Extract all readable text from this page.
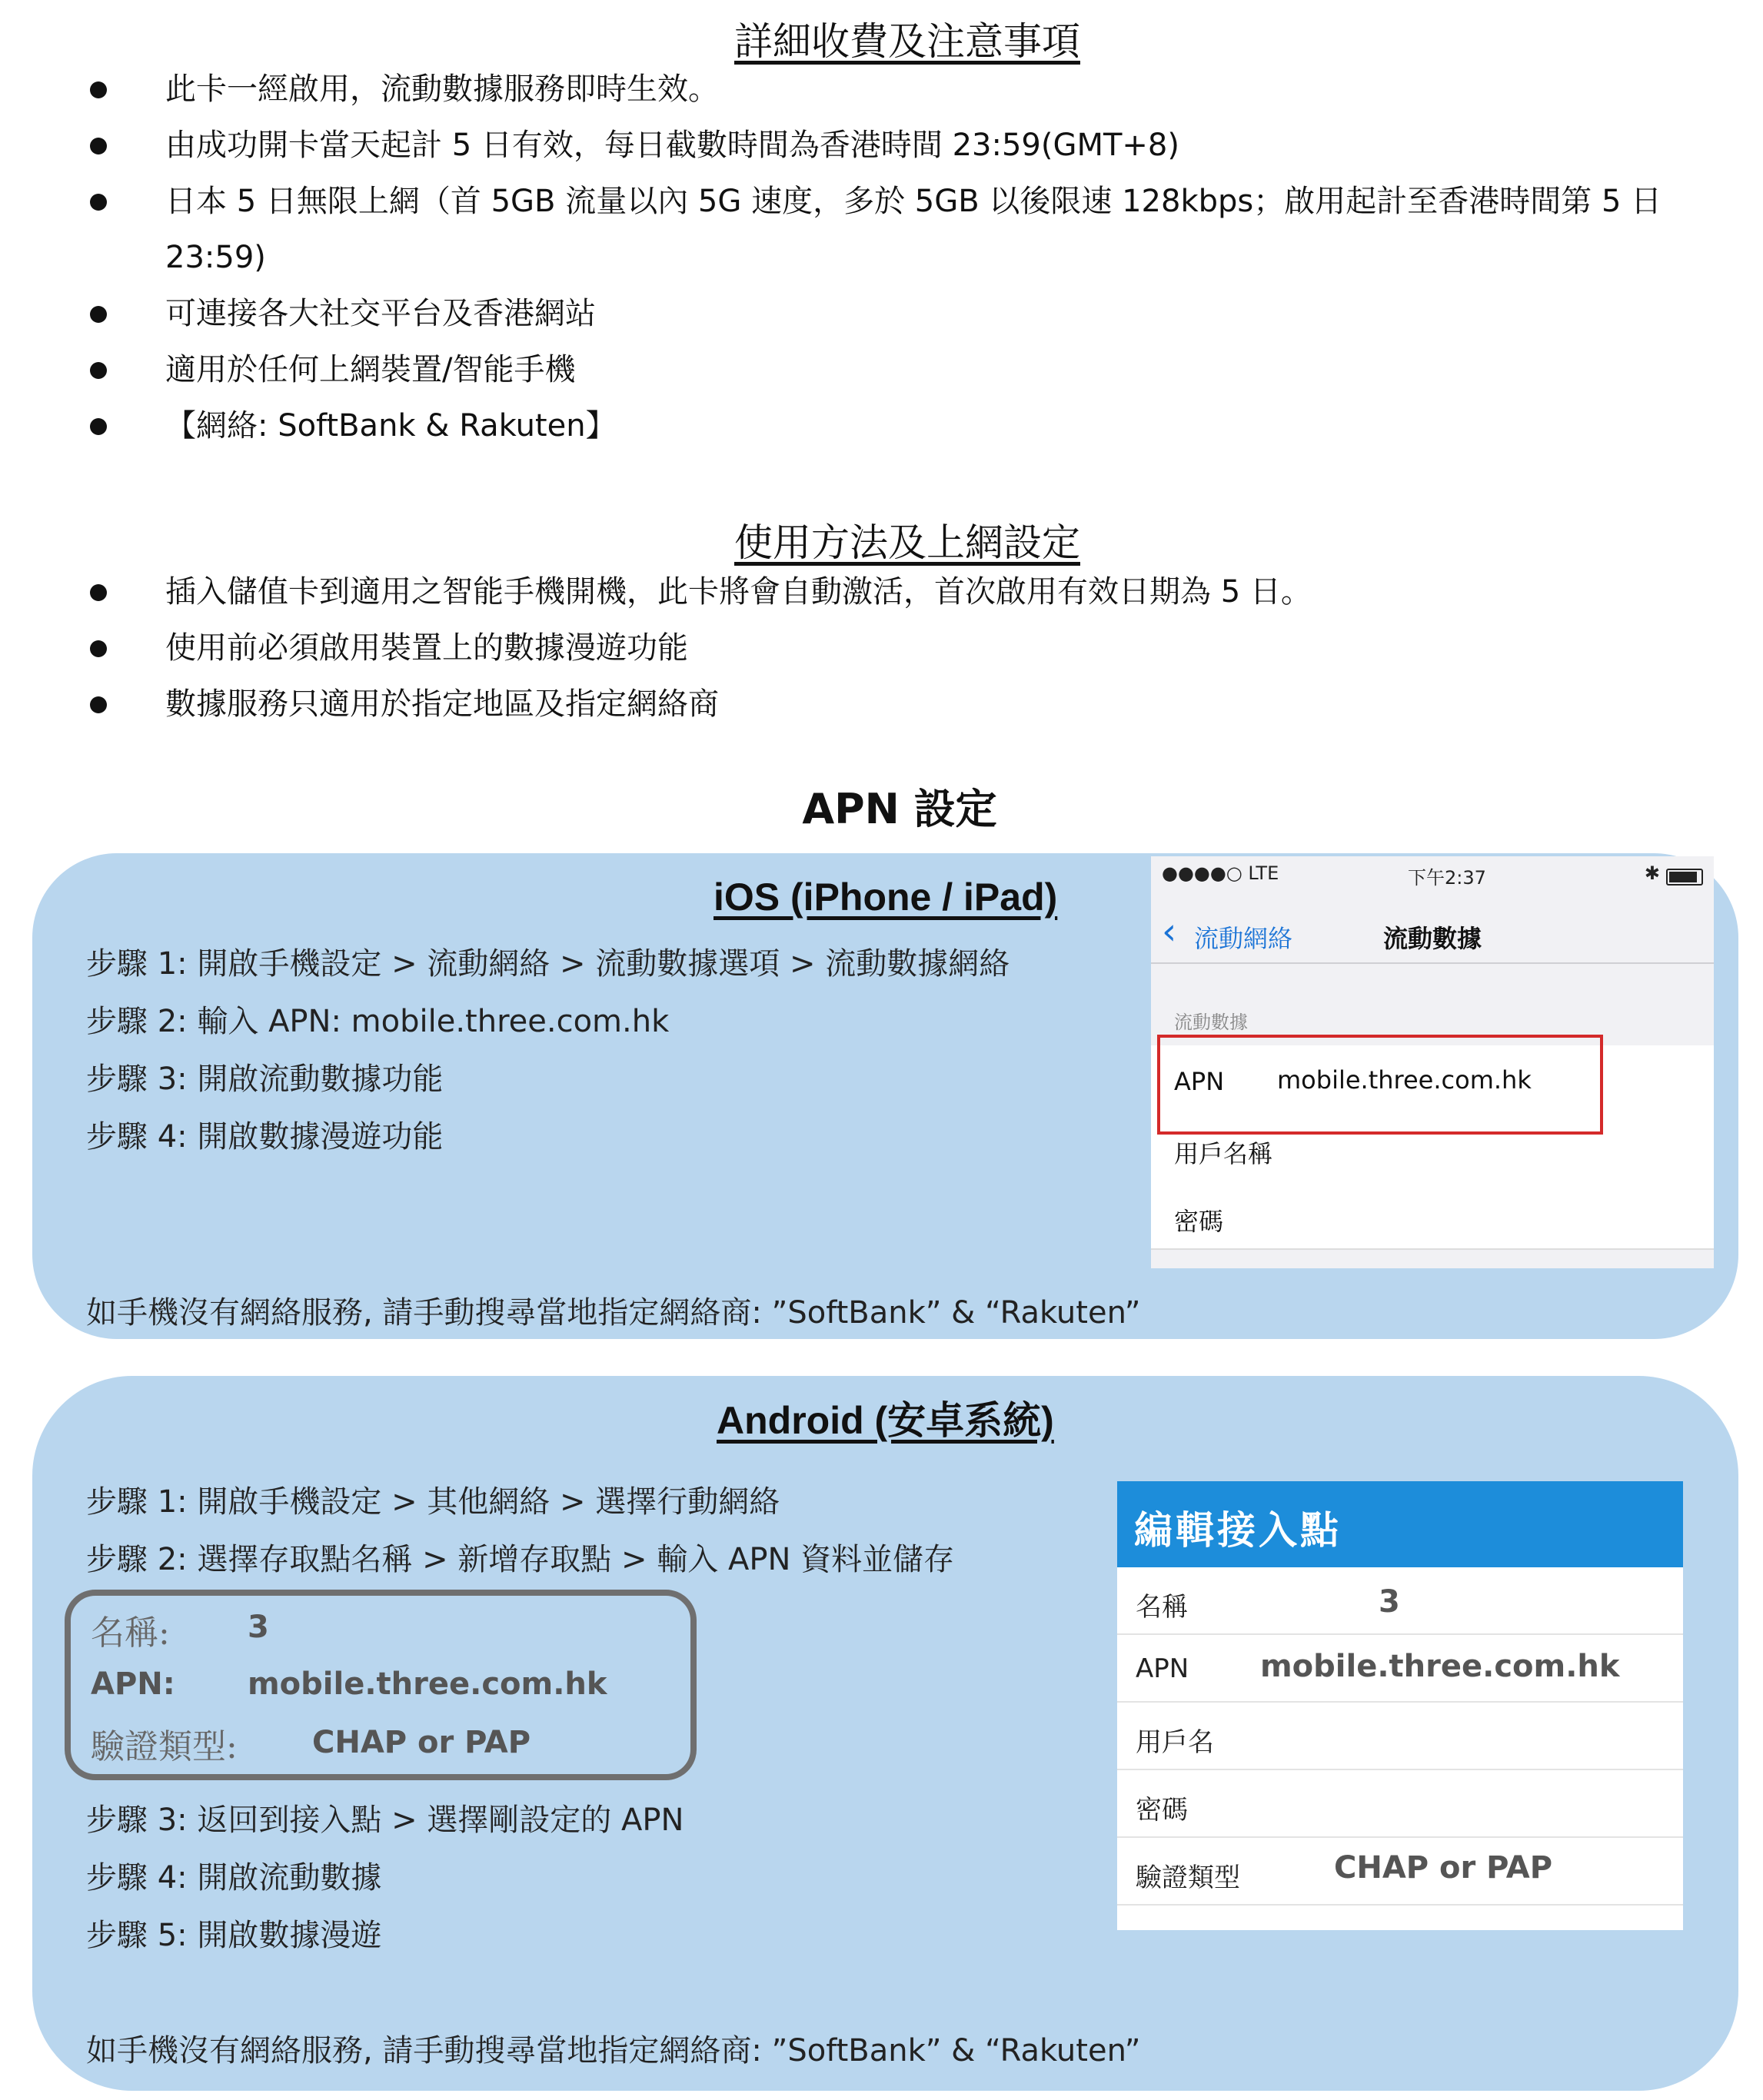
詳細收費及注意事項
此卡一經啟用，流動數據服務即時生效。
由成功開卡當天起計 5 日有效，每日截數時間為香港時間 23:59(GMT+8)
日本 5 日無限上網（首 5GB 流量以內 5G 速度，多於 5GB 以後限速 128kbps；啟用起計至香港時間第 5 日 23:59)
可連接各大社交平台及香港網站
適用於任何上網裝置/智能手機
【網絡: SoftBank & Rakuten】
使用方法及上網設定
插入儲值卡到適用之智能手機開機，此卡將會自動激活，首次啟用有效日期為 5 日。
使用前必須啟用裝置上的數據漫遊功能
數據服務只適用於指定地區及指定網絡商
APN 設定
iOS (iPhone / iPad)
步驟 1: 開啟手機設定 > 流動網絡 > 流動數據選項 > 流動數據網絡
步驟 2: 輸入 APN: mobile.three.com.hk
步驟 3: 開啟流動數據功能
步驟 4: 開啟數據漫遊功能
如手機沒有網絡服務, 請手動搜尋當地指定網絡商: ”SoftBank” & “Rakuten”
●●●●○ LTE	下午2:37	✱
‹ 流動網絡	流動數據
流動數據
APN mobile.three.com.hk
用戶名稱
密碼
Android (安卓系統)
步驟 1: 開啟手機設定 > 其他網絡 > 選擇行動網絡
步驟 2: 選擇存取點名稱 > 新增存取點 > 輸入 APN 資料並儲存
名稱:	3
APN: mobile.three.com.hk
驗證類型: CHAP or PAP
步驟 3: 返回到接入點 > 選擇剛設定的 APN
步驟 4: 開啟流動數據
步驟 5: 開啟數據漫遊
如手機沒有網絡服務, 請手動搜尋當地指定網絡商: ”SoftBank” & “Rakuten”
編輯接入點
名稱	3
APN mobile.three.com.hk
用戶名
密碼
驗證類型	CHAP or PAP
